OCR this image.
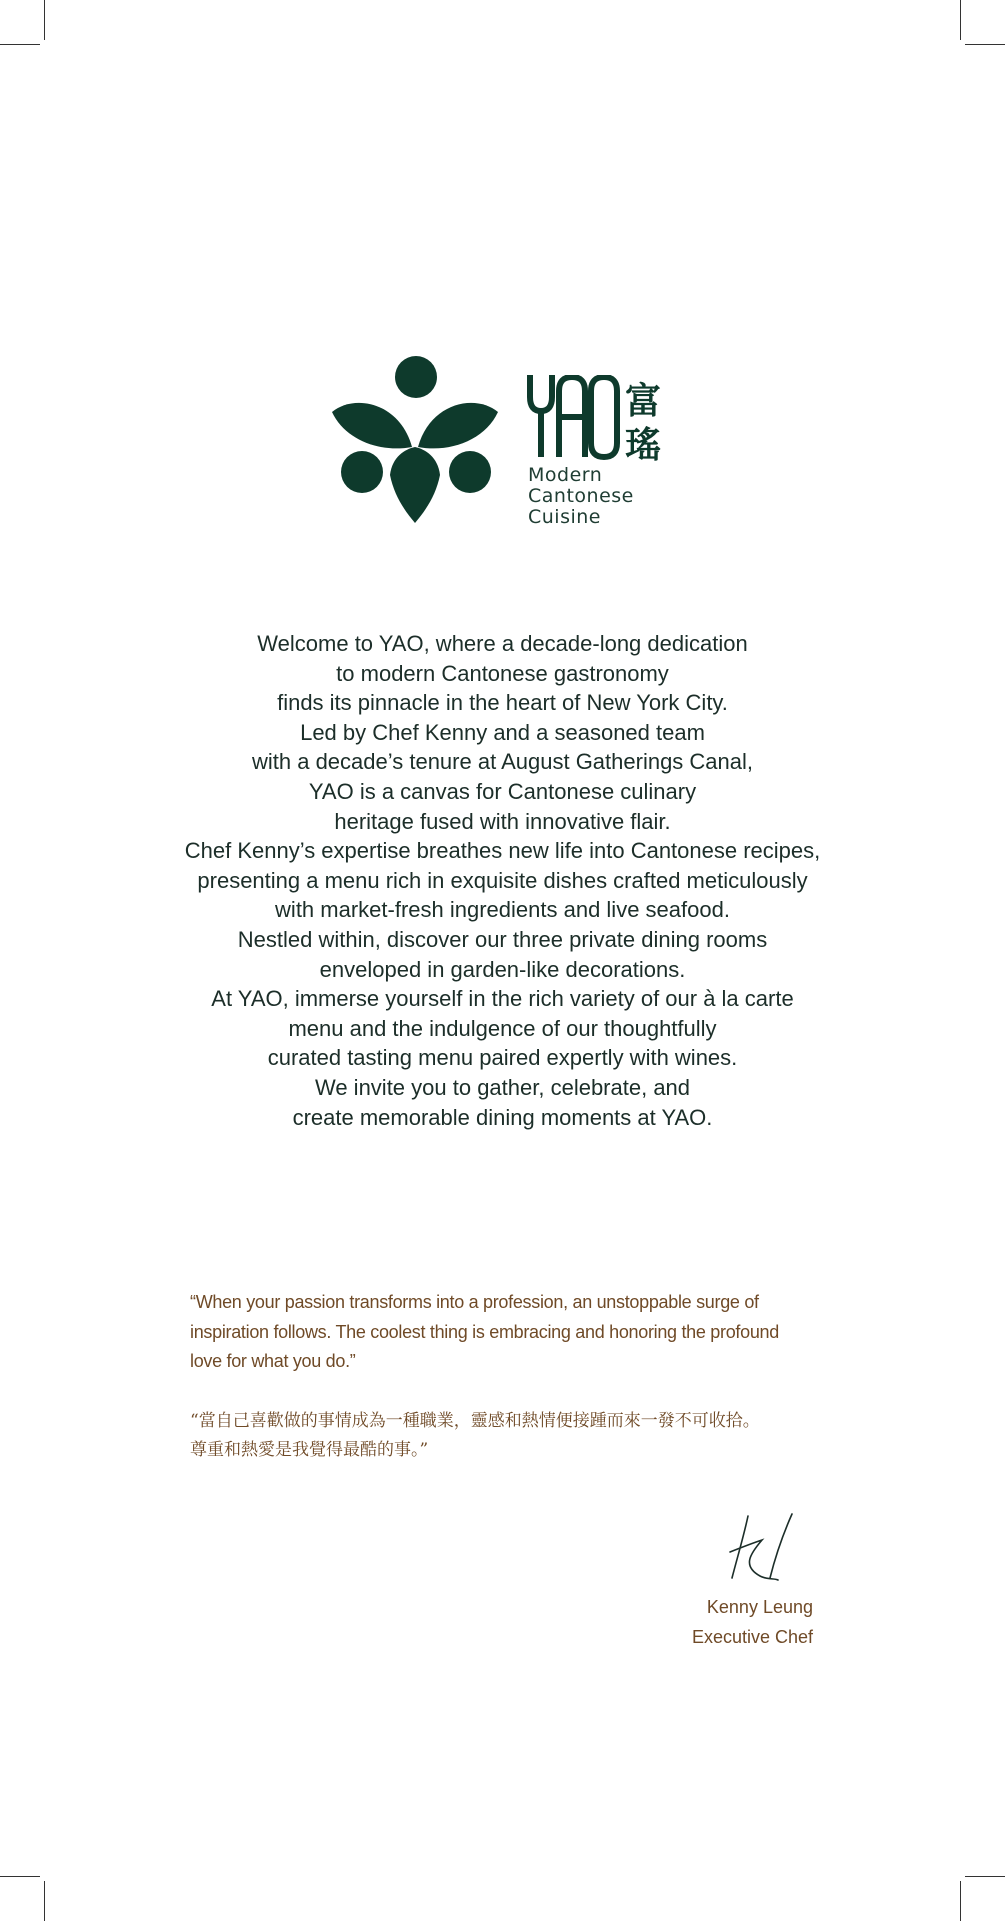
富
瑤
Modern
Cantonese
Cuisine
Welcome to YAO, where a decade-long dedication
to modern Cantonese gastronomy
finds its pinnacle in the heart of New York City.
Led by Chef Kenny and a seasoned team
with a decade’s tenure at August Gatherings Canal,
YAO is a canvas for Cantonese culinary
heritage fused with innovative flair.
Chef Kenny’s expertise breathes new life into Cantonese recipes,
presenting a menu rich in exquisite dishes crafted meticulously
with market-fresh ingredients and live seafood.
Nestled within, discover our three private dining rooms
enveloped in garden-like decorations.
At YAO, immerse yourself in the rich variety of our à la carte
menu and the indulgence of our thoughtfully
curated tasting menu paired expertly with wines.
We invite you to gather, celebrate, and
create memorable dining moments at YAO.
“When your passion transforms into a profession, an unstoppable surge of
inspiration follows. The coolest thing is embracing and honoring the profound
love for what you do.”
“當自己喜歡做的事情成為一種職業，靈感和熱情便接踵而來一發不可收拾。
尊重和熱愛是我覺得最酷的事。”
Kenny Leung
Executive Chef
